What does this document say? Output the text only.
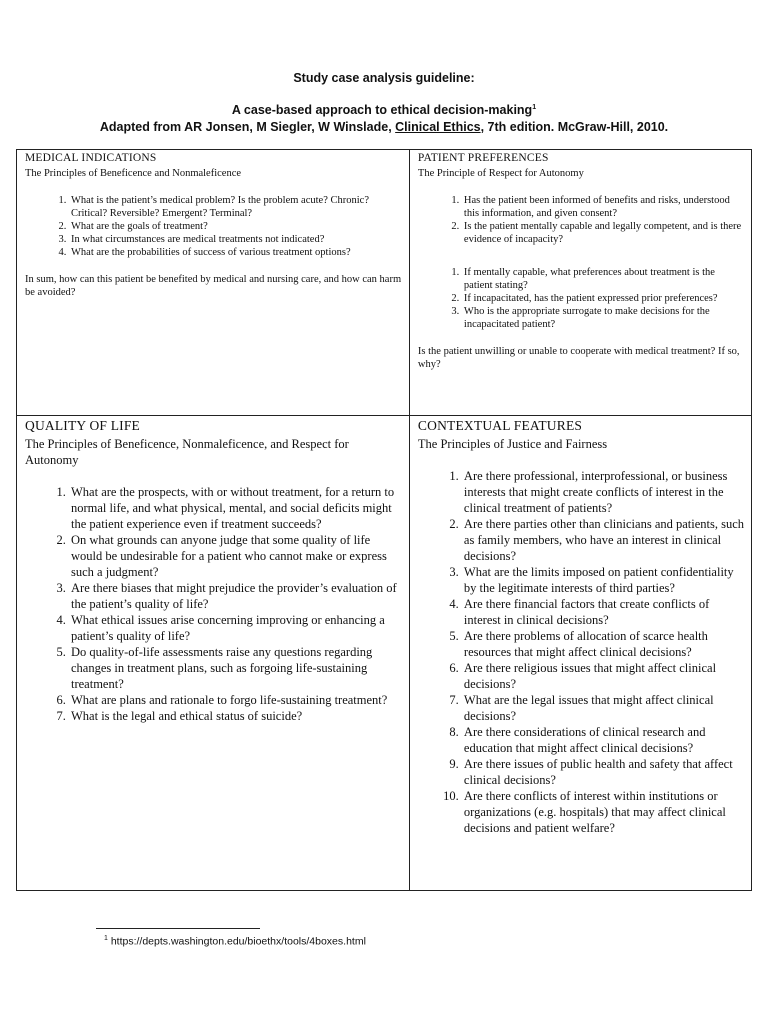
Study case analysis guideline:
A case-based approach to ethical decision-making$^1$
Adapted from AR Jonsen, M Siegler, W Winslade, Clinical Ethics, 7th edition. McGraw-Hill, 2010.
MEDICAL INDICATIONS
The Principles of Beneficence and Nonmaleficence
1. What is the patient’s medical problem? Is the problem acute? Chronic? Critical? Reversible? Emergent? Terminal?
2. What are the goals of treatment?
3. In what circumstances are medical treatments not indicated?
4. What are the probabilities of success of various treatment options?

In sum, how can this patient be benefited by medical and nursing care, and how can harm be avoided?

PATIENT PREFERENCES
The Principle of Respect for Autonomy
1. Has the patient been informed of benefits and risks, understood this information, and given consent?
2. Is the patient mentally capable and legally competent, and is there evidence of incapacity?
1. If mentally capable, what preferences about treatment is the patient stating?
2. If incapacitated, has the patient expressed prior preferences?
3. Who is the appropriate surrogate to make decisions for the incapacitated patient?

Is the patient unwilling or unable to cooperate with medical treatment? If so, why?

QUALITY OF LIFE
The Principles of Beneficence, Nonmaleficence, and Respect for Autonomy
1. What are the prospects, with or without treatment, for a return to normal life, and what physical, mental, and social deficits might the patient experience even if treatment succeeds?
2. On what grounds can anyone judge that some quality of life would be undesirable for a patient who cannot make or express such a judgment?
3. Are there biases that might prejudice the provider’s evaluation of the patient’s quality of life?
4. What ethical issues arise concerning improving or enhancing a patient’s quality of life?
5. Do quality-of-life assessments raise any questions regarding changes in treatment plans, such as forgoing life-sustaining treatment?
6. What are plans and rationale to forgo life-sustaining treatment?
7. What is the legal and ethical status of suicide?
CONTEXTUAL FEATURES
The Principles of Justice and Fairness
1. Are there professional, interprofessional, or business interests that might create conflicts of interest in the clinical treatment of patients?
2. Are there parties other than clinicians and patients, such as family members, who have an interest in clinical decisions?
3. What are the limits imposed on patient confidentiality by the legitimate interests of third parties?
4. Are there financial factors that create conflicts of interest in clinical decisions?
5. Are there problems of allocation of scarce health resources that might affect clinical decisions?
6. Are there religious issues that might affect clinical decisions?
7. What are the legal issues that might affect clinical decisions?
8. Are there considerations of clinical research and education that might affect clinical decisions?
9. Are there issues of public health and safety that affect clinical decisions?
10. Are there conflicts of interest within institutions or organizations (e.g. hospitals) that may affect clinical decisions and patient welfare?
$^1$ https://depts.washington.edu/bioethx/tools/4boxes.html
